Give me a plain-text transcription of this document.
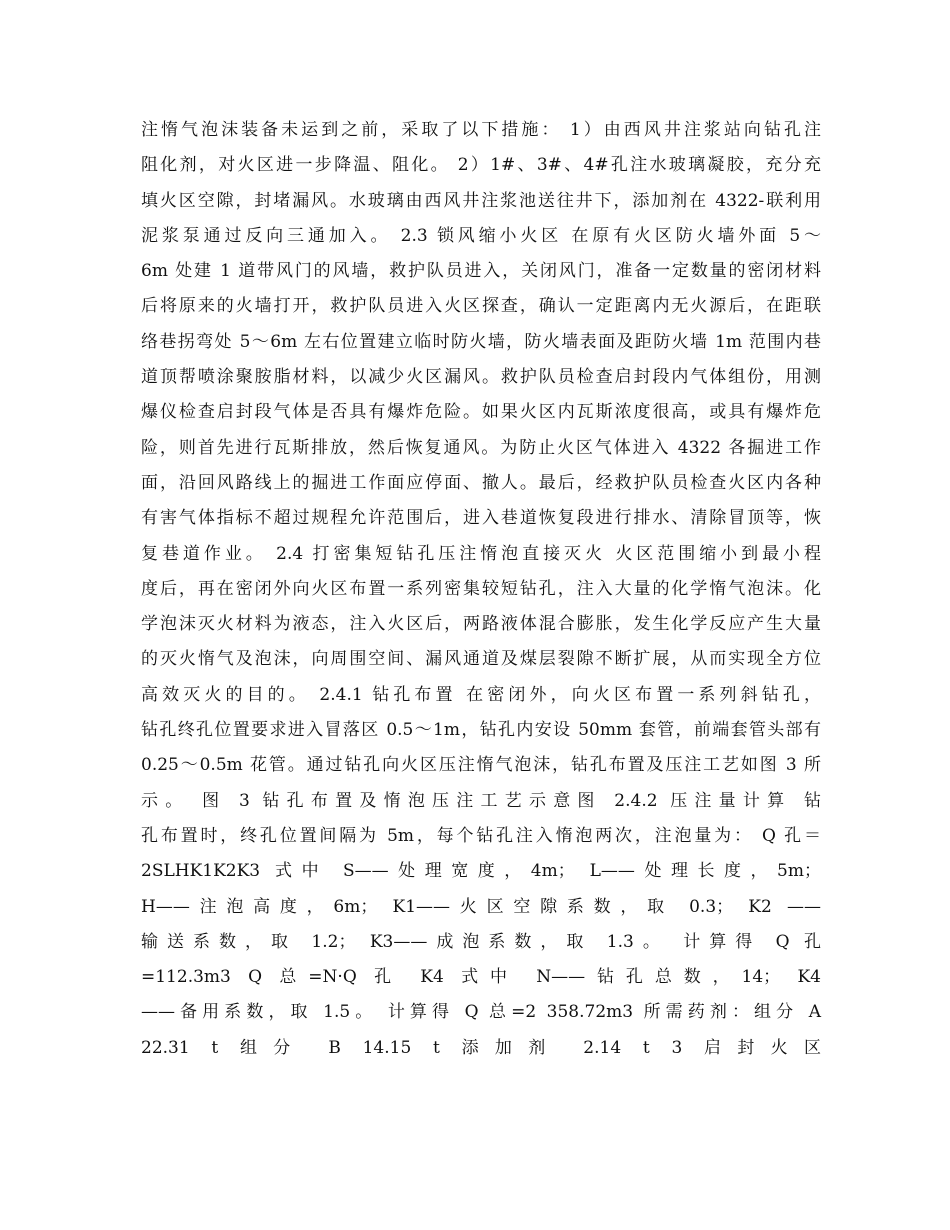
注惰气泡沫装备未运到之前，采取了以下措施： 1）由西风井注浆站向钻孔注
阻化剂，对火区进一步降温、阻化。 2）1#、3#、4#孔注水玻璃凝胶，充分充
填火区空隙，封堵漏风。水玻璃由西风井注浆池送往井下，添加剂在 4322-联利用
泥浆泵通过反向三通加入。 2.3 锁风缩小火区 在原有火区防火墙外面 5～
6m 处建 1 道带风门的风墙，救护队员进入，关闭风门，准备一定数量的密闭材料
后将原来的火墙打开，救护队员进入火区探查，确认一定距离内无火源后，在距联
络巷拐弯处 5～6m 左右位置建立临时防火墙，防火墙表面及距防火墙 1m 范围内巷
道顶帮喷涂聚胺脂材料，以减少火区漏风。救护队员检查启封段内气体组份，用测
爆仪检查启封段气体是否具有爆炸危险。如果火区内瓦斯浓度很高，或具有爆炸危
险，则首先进行瓦斯排放，然后恢复通风。为防止火区气体进入 4322 各掘进工作
面，沿回风路线上的掘进工作面应停面、撤人。最后，经救护队员检查火区内各种
有害气体指标不超过规程允许范围后，进入巷道恢复段进行排水、清除冒顶等，恢
复巷道作业。 2.4 打密集短钻孔压注惰泡直接灭火 火区范围缩小到最小程
度后，再在密闭外向火区布置一系列密集较短钻孔，注入大量的化学惰气泡沫。化
学泡沫灭火材料为液态，注入火区后，两路液体混合膨胀，发生化学反应产生大量
的灭火惰气及泡沫，向周围空间、漏风通道及煤层裂隙不断扩展，从而实现全方位
高效灭火的目的。 2.4.1 钻孔布置 在密闭外，向火区布置一系列斜钻孔，
钻孔终孔位置要求进入冒落区 0.5～1m，钻孔内安设 50mm 套管，前端套管头部有
0.25～0.5m 花管。通过钻孔向火区压注惰气泡沫，钻孔布置及压注工艺如图 3 所
示。 图 3 钻孔布置及惰泡压注工艺示意图 2.4.2 压注量计算 钻
孔布置时，终孔位置间隔为 5m，每个钻孔注入惰泡两次，注泡量为： Q 孔＝
2SLHK1K2K3 式中 S——处理宽度，4m； L——处理长度，5m；
H——注泡高度，6m； K1——火区空隙系数，取 0.3； K2 ——
输送系数，取 1.2； K3——成泡系数，取 1.3。 计算得 Q 孔
=112.3m3 Q 总=N·Q 孔 K4 式中 N——钻孔总数，14； K4
——备用系数，取 1.5。 计算得 Q 总=2 358.72m3 所需药剂：组分 A
22.31 t 组分 B 14.15 t 添加剂 2.14 t 3 启封火区
